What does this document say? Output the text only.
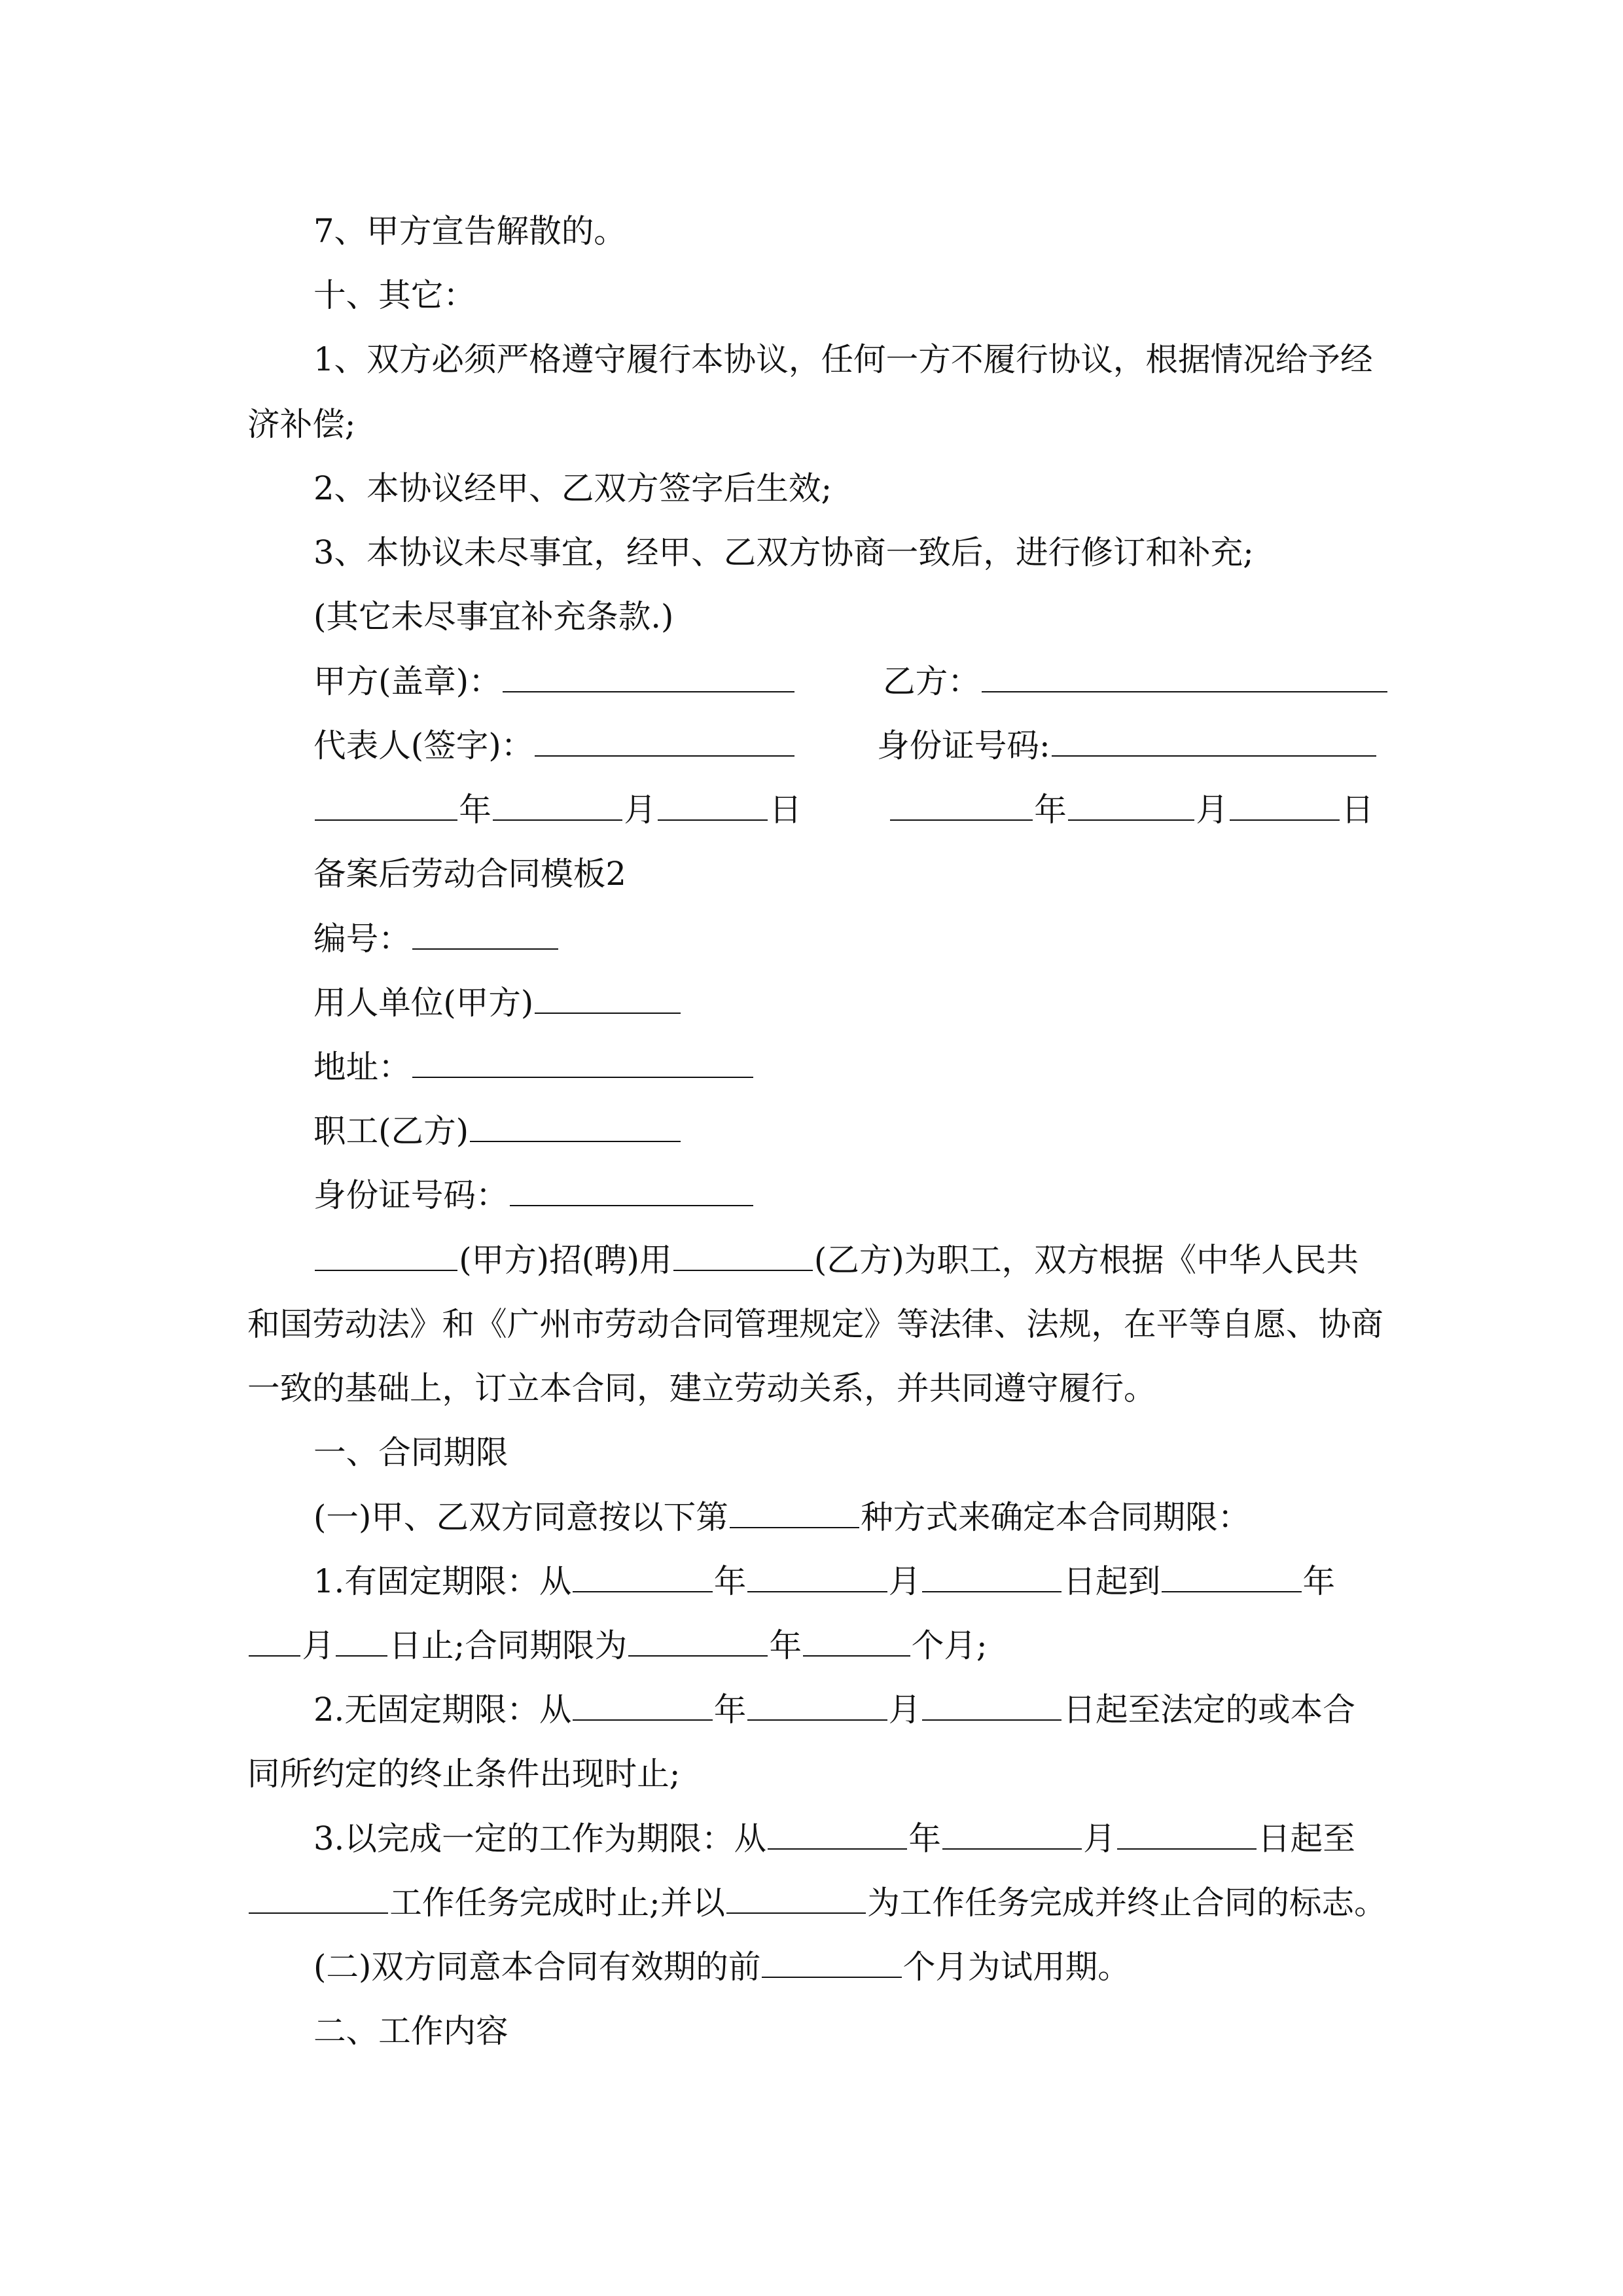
7、甲方宣告解散的。
十、其它：
1、双方必须严格遵守履行本协议，任何一方不履行协议，根据情况给予经
济补偿;
2、本协议经甲、乙双方签字后生效;
3、本协议未尽事宜，经甲、乙双方协商一致后，进行修订和补充;
(其它未尽事宜补充条款.)
甲方(盖章)：	乙方：
代表人(签字)：	身份证号码:
年	月	日	年	月	日
备案后劳动合同模板2
编号：
用人单位(甲方)
地址：
职工(乙方)
身份证号码：
(甲方)招(聘)用	(乙方)为职工，双方根据《中华人民共
和国劳动法》和《广州市劳动合同管理规定》等法律、法规，在平等自愿、协商
一致的基础上，订立本合同，建立劳动关系，并共同遵守履行。
一、合同期限
(一)甲、乙双方同意按以下第	种方式来确定本合同期限：
1.有固定期限：从	年	月	日起到	年
月 日止;合同期限为	年	个月;
2.无固定期限：从	年	月	日起至法定的或本合
同所约定的终止条件出现时止;
3.以完成一定的工作为期限：从	年	月	日起至
工作任务完成时止;并以	为工作任务完成并终止合同的标志。
(二)双方同意本合同有效期的前	个月为试用期。
二、工作内容
